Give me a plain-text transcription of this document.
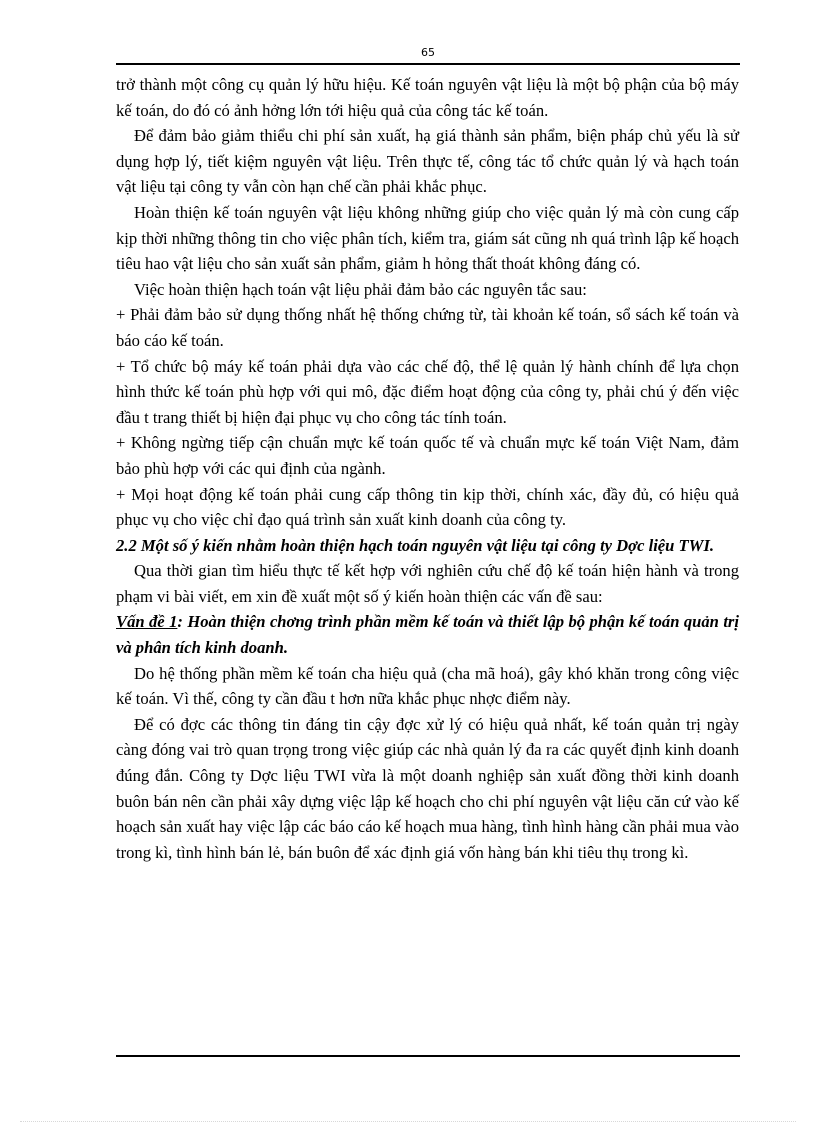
65

trở thành một công cụ quản lý hữu hiệu. Kế toán nguyên vật liệu là một bộ phận của bộ máy kế toán, do đó có ảnh hởng lớn tới hiệu quả của công tác kế toán.

Để đảm bảo giảm thiểu chi phí sản xuất, hạ giá thành sản phẩm, biện pháp chủ yếu là sử dụng hợp lý, tiết kiệm nguyên vật liệu. Trên thực tế, công tác tổ chức quản lý và hạch toán vật liệu tại công ty vẫn còn hạn chế cần phải khắc phục.

Hoàn thiện kế toán nguyên vật liệu không những giúp cho việc quản lý mà còn cung cấp kịp thời những thông tin cho việc phân tích, kiểm tra, giám sát cũng nh quá trình lập kế hoạch tiêu hao vật liệu cho sản xuất sản phẩm, giảm h hỏng thất thoát không đáng có.

Việc hoàn thiện hạch toán vật liệu phải đảm bảo các nguyên tắc sau:

+ Phải đảm bảo sử dụng thống nhất hệ thống chứng từ, tài khoản kế toán, sổ sách kế toán và báo cáo kế toán.

+ Tổ chức bộ máy kế toán phải dựa vào các chế độ, thể lệ quản lý hành chính để lựa chọn hình thức kế toán phù hợp với qui mô, đặc điểm hoạt động của công ty, phải chú ý đến việc đầu t trang thiết bị hiện đại phục vụ cho công tác tính toán.

+ Không ngừng tiếp cận chuẩn mực kế toán quốc tế và chuẩn mực kế toán Việt Nam, đảm bảo phù hợp với các qui định của ngành.

+ Mọi hoạt động kế toán phải cung cấp thông tin kịp thời, chính xác, đầy đủ, có hiệu quả phục vụ cho việc chỉ đạo quá trình sản xuất kinh doanh của công ty.

2.2 Một số ý kiến nhằm hoàn thiện hạch toán nguyên vật liệu tại công ty Dợc liệu TWI.

Qua thời gian tìm hiểu thực tế kết hợp với nghiên cứu chế độ kế toán hiện hành và trong phạm vi bài viết, em xin đề xuất một số ý kiến hoàn thiện các vấn đề sau:

Vấn đề 1: Hoàn thiện chơng trình phần mềm kế toán và thiết lập bộ phận kế toán quản trị và phân tích kinh doanh.

Do hệ thống phần mềm kế toán cha hiệu quả (cha mã hoá), gây khó khăn trong công việc kế toán. Vì thế, công ty cần đầu t hơn nữa khắc phục nhợc điểm này.

Để có đợc các thông tin đáng tin cậy đợc xử lý có hiệu quả nhất, kế toán quản trị ngày càng đóng vai trò quan trọng trong việc giúp các nhà quản lý đa ra các quyết định kinh doanh đúng đắn. Công ty Dợc liệu TWI vừa là một doanh nghiệp sản xuất đồng thời kinh doanh buôn bán nên cần phải xây dựng việc lập kế hoạch cho chi phí nguyên vật liệu căn cứ vào kế hoạch sản xuất hay việc lập các báo cáo kế hoạch mua hàng, tình hình hàng cần phải mua vào trong kì, tình hình bán lẻ, bán buôn để xác định giá vốn hàng bán khi tiêu thụ trong kì.
